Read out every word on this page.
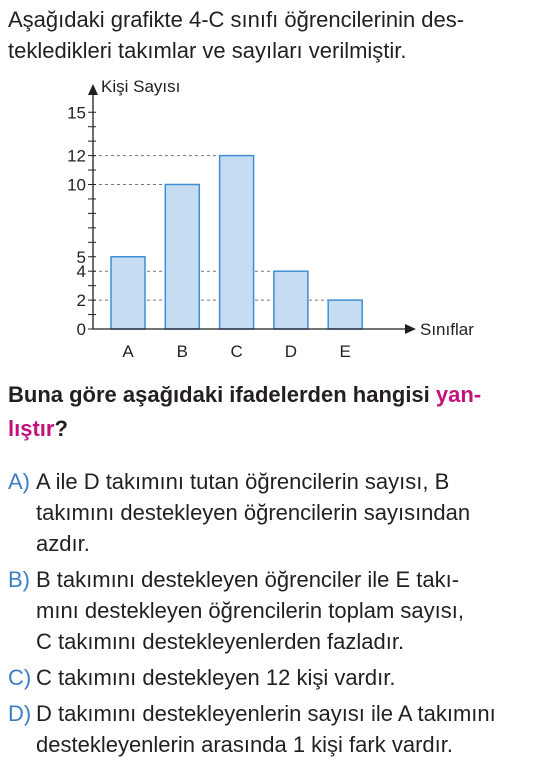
Aşağıdaki grafikte 4-C sınıfı öğrencilerinin des-
tekledikleri takımlar ve sayıları verilmiştir.

Kişi Sayısı
Sınıflar
0
2
4
5
10
12
15
A	B C D E

Buna göre aşağıdaki ifadelerden hangisi yan-
lıştır?

A) A ile D takımını tutan öğrencilerin sayısı, B
takımını destekleyen öğrencilerin sayısından
azdır.
B) B takımını destekleyen öğrenciler ile E takı-
mını destekleyen öğrencilerin toplam sayısı,
C takımını destekleyenlerden fazladır.
C) C takımını destekleyen 12 kişi vardır.
D) D takımını destekleyenlerin sayısı ile A takımını
destekleyenlerin arasında 1 kişi fark vardır.
